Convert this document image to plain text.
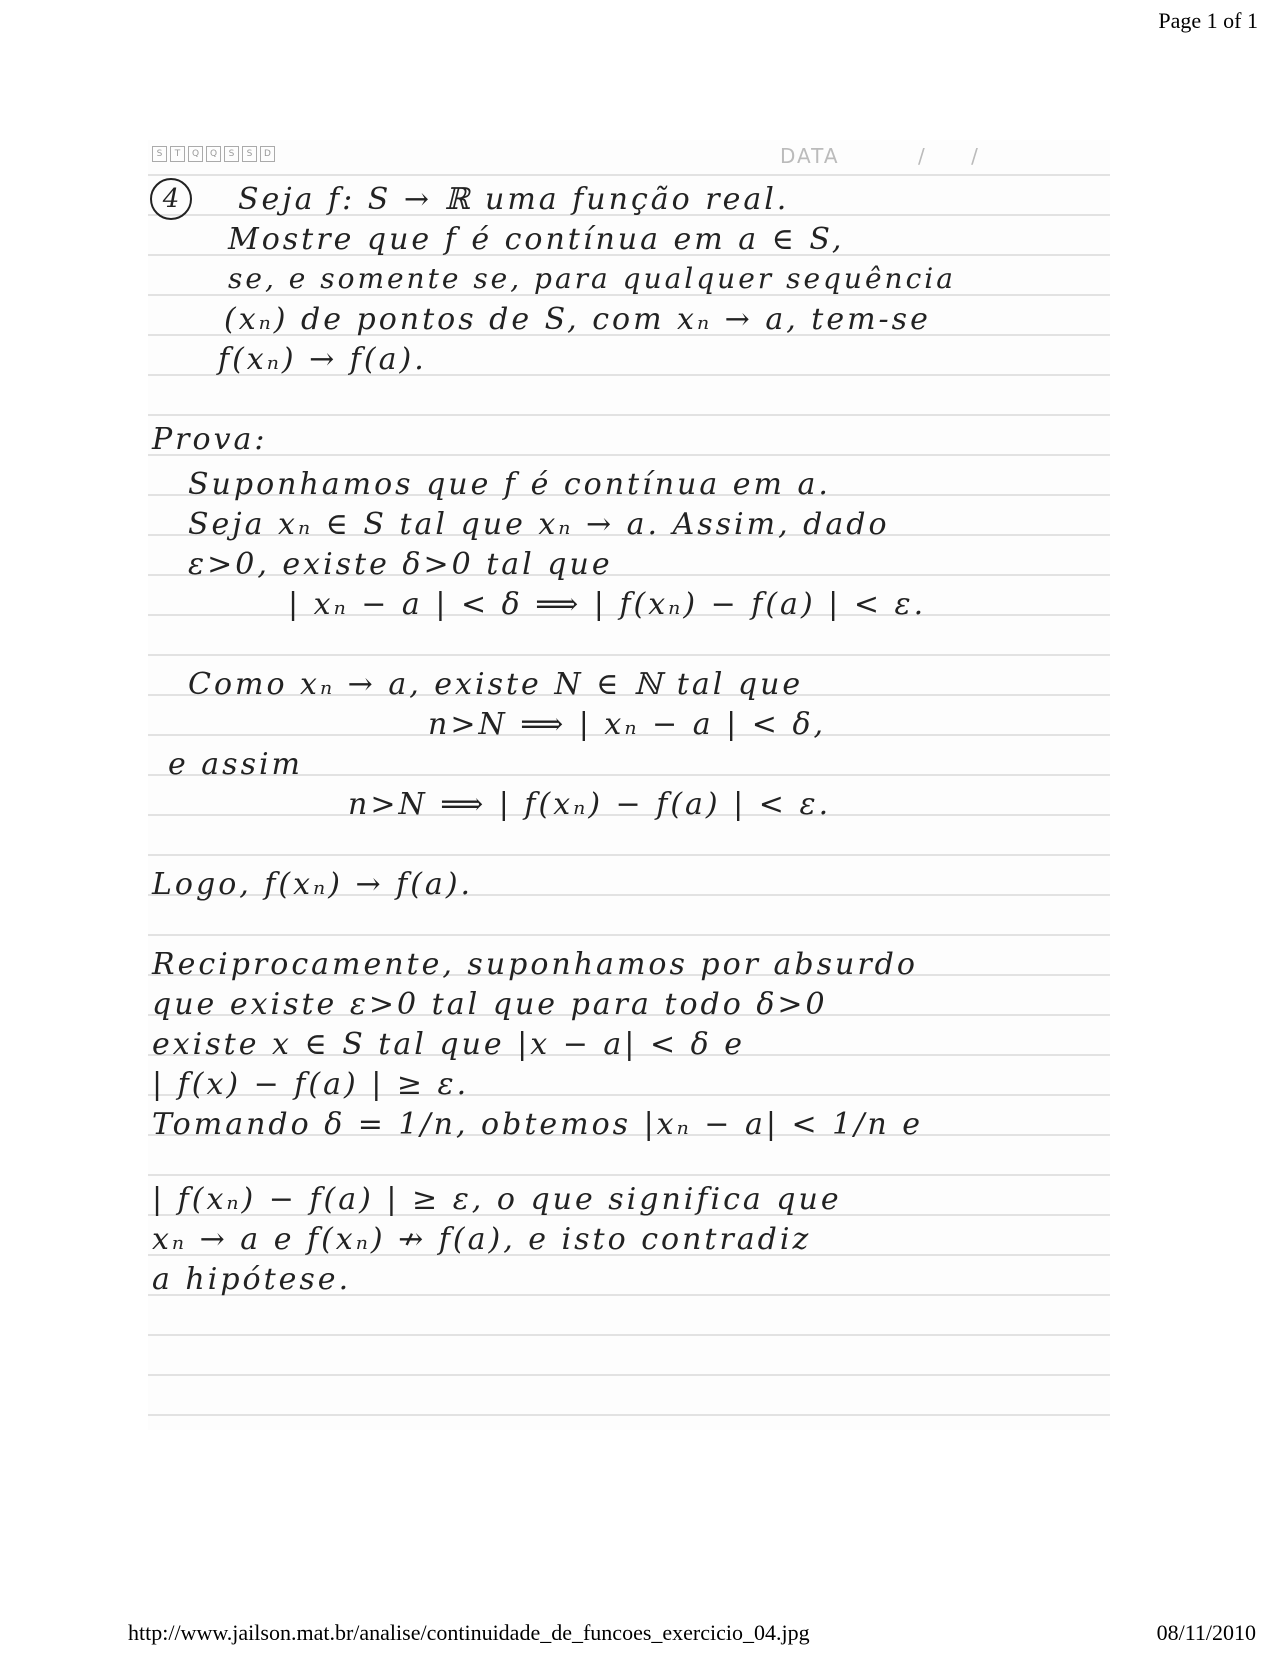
Page 1 of 1
S	T	Q	Q	S	S	D	DATA	/ /
4	Seja f: S → ℝ uma função real.
Mostre que f é contínua em a ∈ S,
se, e somente se, para qualquer sequência
(xₙ) de pontos de S, com xₙ → a, tem-se
f(xₙ) → f(a).
Prova:
Suponhamos que f é contínua em a.
Seja xₙ ∈ S tal que xₙ → a. Assim, dado
ε>0, existe δ>0 tal que
| xₙ − a | < δ ⟹ | f(xₙ) − f(a) | < ε.
Como xₙ → a, existe N ∈ ℕ tal que
n>N ⟹ | xₙ − a | < δ,
e assim
n>N ⟹ | f(xₙ) − f(a) | < ε.
Logo, f(xₙ) → f(a).
Reciprocamente, suponhamos por absurdo
que existe ε>0 tal que para todo δ>0
existe x ∈ S tal que |x − a| < δ e
| f(x) − f(a) | ≥ ε.
Tomando δ = 1/n, obtemos |xₙ − a| < 1/n e
| f(xₙ) − f(a) | ≥ ε, o que significa que
xₙ → a e f(xₙ) ↛ f(a), e isto contradiz
a hipótese.
http://www.jailson.mat.br/analise/continuidade_de_funcoes_exercicio_04.jpg	08/11/2010
